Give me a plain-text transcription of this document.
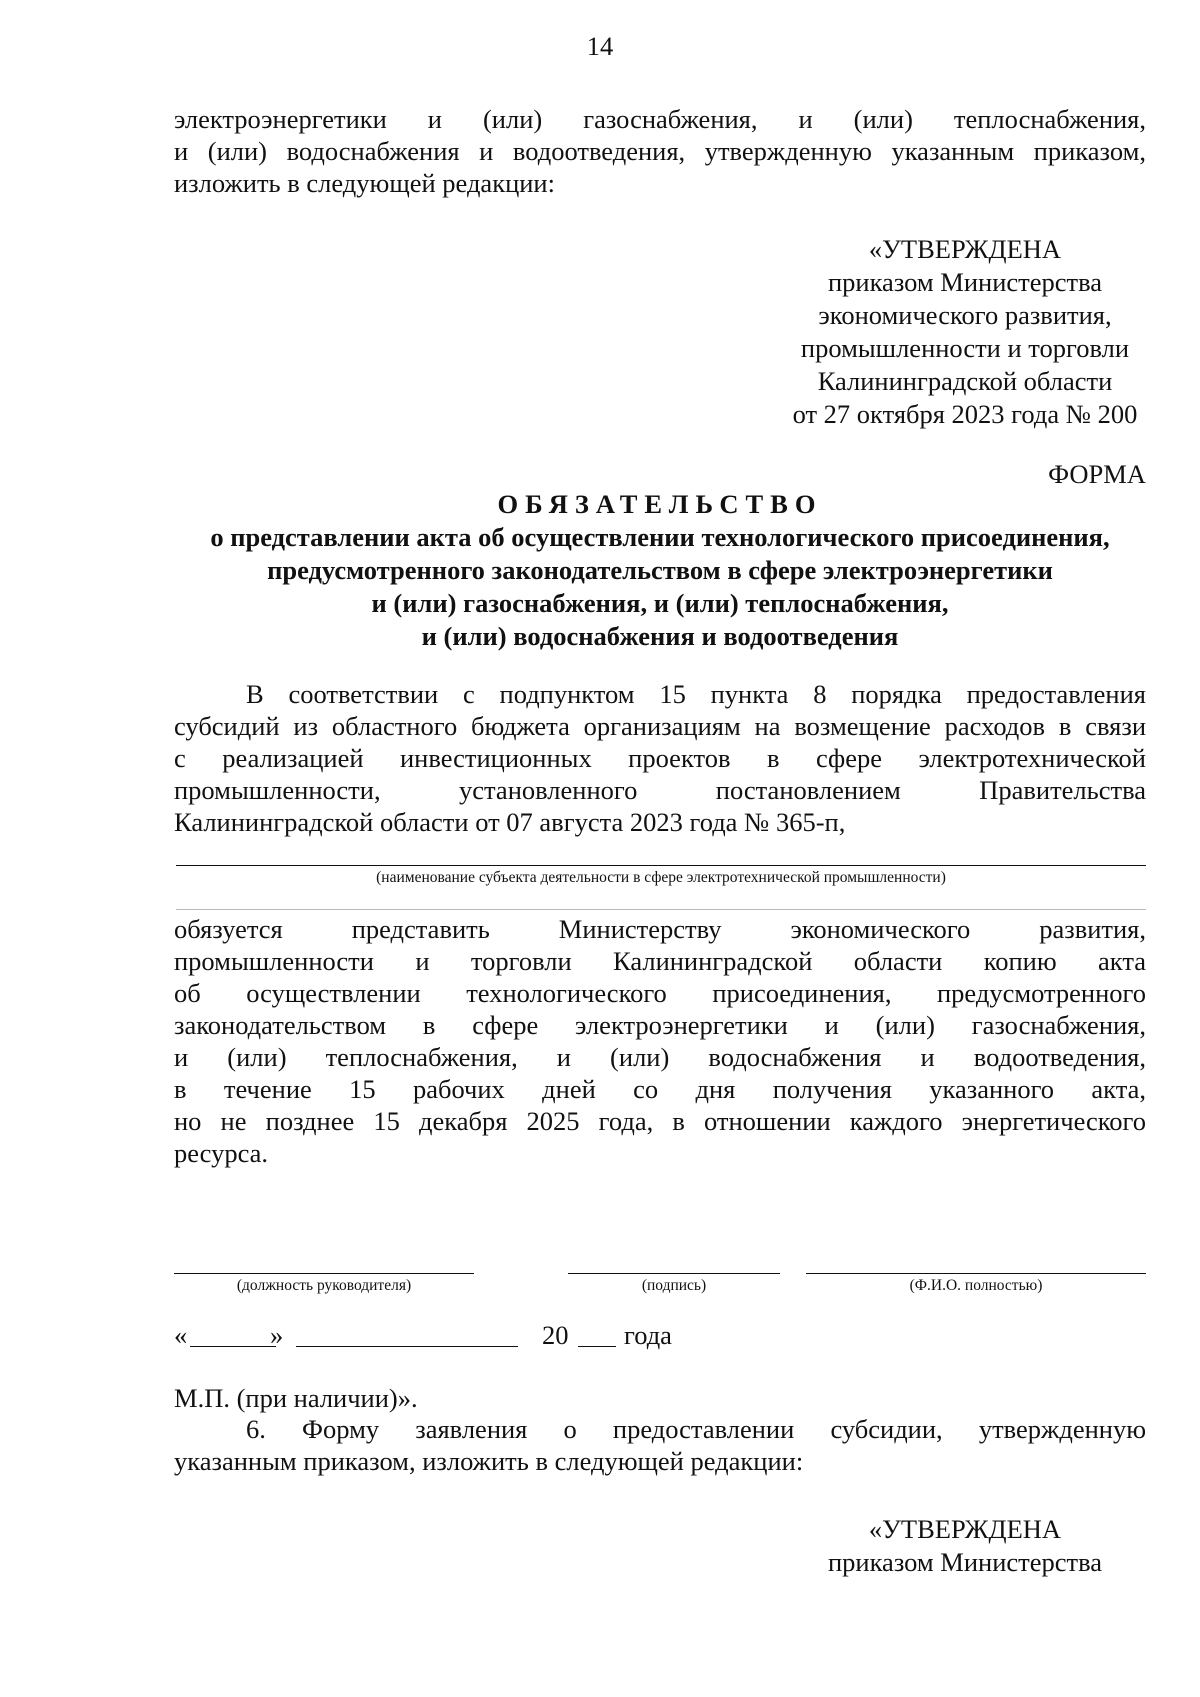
14
электроэнергетики и (или) газоснабжения, и (или) теплоснабжения,
и (или) водоснабжения и водоотведения, утвержденную указанным приказом,
изложить в следующей редакции:
«УТВЕРЖДЕНА
приказом Министерства
экономического развития,
промышленности и торговли
Калининградской области
от 27 октября 2023 года № 200
ФОРМА
ОБЯЗАТЕЛЬСТВО
о представлении акта об осуществлении технологического присоединения,
предусмотренного законодательством в сфере электроэнергетики
и (или) газоснабжения, и (или) теплоснабжения,
и (или) водоснабжения и водоотведения
В соответствии с подпунктом 15 пункта 8 порядка предоставления
субсидий из областного бюджета организациям на возмещение расходов в связи
с реализацией инвестиционных проектов в сфере электротехнической
промышленности, установленного постановлением Правительства
Калининградской области от 07 августа 2023 года № 365-п,
(наименование субъекта деятельности в сфере электротехнической промышленности)
обязуется представить Министерству экономического развития,
промышленности и торговли Калининградской области копию акта
об осуществлении технологического присоединения, предусмотренного
законодательством в сфере электроэнергетики и (или) газоснабжения,
и (или) теплоснабжения, и (или) водоснабжения и водоотведения,
в течение 15 рабочих дней со дня получения указанного акта,
но не позднее 15 декабря 2025 года, в отношении каждого энергетического
ресурса.
(должность руководителя)	(подпись)	(Ф.И.О. полностью)
«	»	20 года
М.П. (при наличии)».
6. Форму заявления о предоставлении субсидии, утвержденную
указанным приказом, изложить в следующей редакции:
«УТВЕРЖДЕНА
приказом Министерства
